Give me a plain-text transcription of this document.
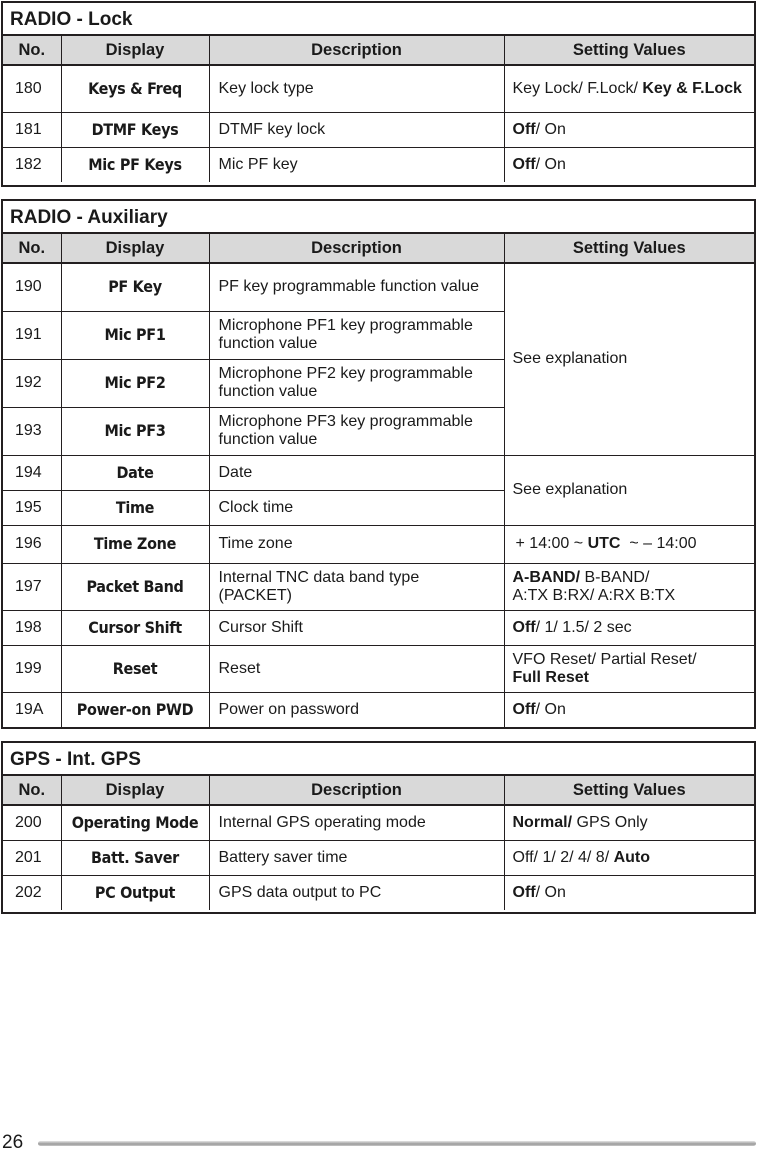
RADIO - Lock
No.	Display	Description	Setting Values
180	Keys & Freq	Key lock type	Key Lock/ F.Lock/ Key & F.Lock
181	DTMF Keys	DTMF key lock	Off/ On
182	Mic PF Keys	Mic PF key	Off/ On
RADIO - Auxiliary
No.	Display	Description	Setting Values
190	PF Key	PF key programmable function value	See explanation
191	Mic PF1	Microphone PF1 key programmable function value	
192	Mic PF2	Microphone PF2 key programmable function value	
193	Mic PF3	Microphone PF3 key programmable function value	
194	Date	Date	See explanation
195	Time	Clock time	
196	Time Zone	Time zone	+ 14:00 ~ UTC  ~ – 14:00
197	Packet Band	Internal TNC data band type (PACKET)	A-BAND/ B-BAND/
A:TX B:RX/ A:RX B:TX
198	Cursor Shift	Cursor Shift	Off/ 1/ 1.5/ 2 sec
199	Reset	Reset	VFO Reset/ Partial Reset/
Full Reset
19A	Power-on PWD	Power on password	Off/ On
GPS - Int. GPS
No.	Display	Description	Setting Values
200	Operating Mode	Internal GPS operating mode	Normal/ GPS Only
201	Batt. Saver	Battery saver time	Off/ 1/ 2/ 4/ 8/ Auto
202	PC Output	GPS data output to PC	Off/ On
26
